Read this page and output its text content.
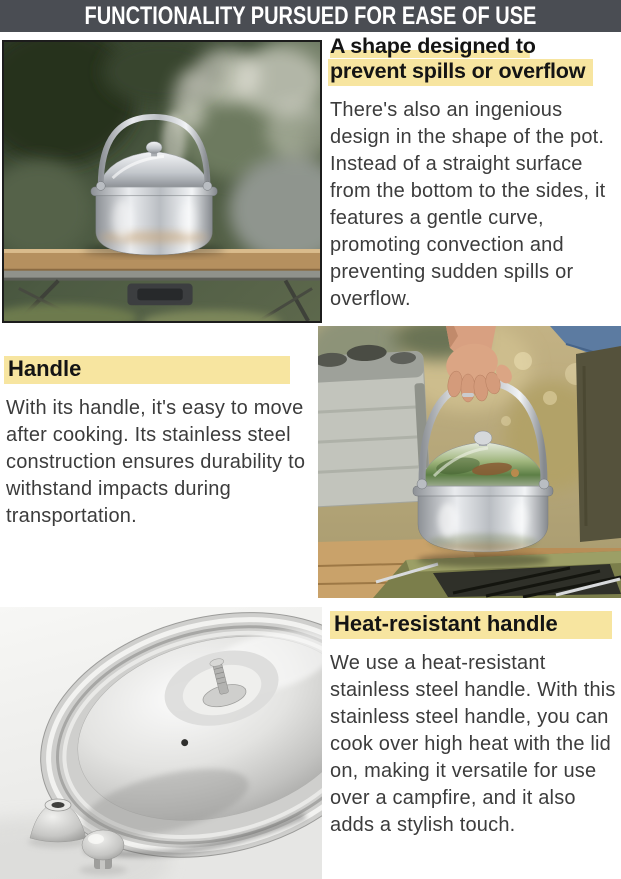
FUNCTIONALITY PURSUED FOR EASE OF USE
A shape designed to
prevent spills or overflow

There's also an ingenious design in the shape of the pot. Instead of a straight surface from the bottom to the sides, it features a gentle curve, promoting convection and preventing sudden spills or overflow.

Handle

With its handle, it's easy to move after cooking. Its stainless steel construction ensures durability to withstand impacts during transportation.

Heat-resistant handle

We use a heat-resistant stainless steel handle. With this stainless steel handle, you can cook over high heat with the lid on, making it versatile for use over a campfire, and it also adds a stylish touch.
